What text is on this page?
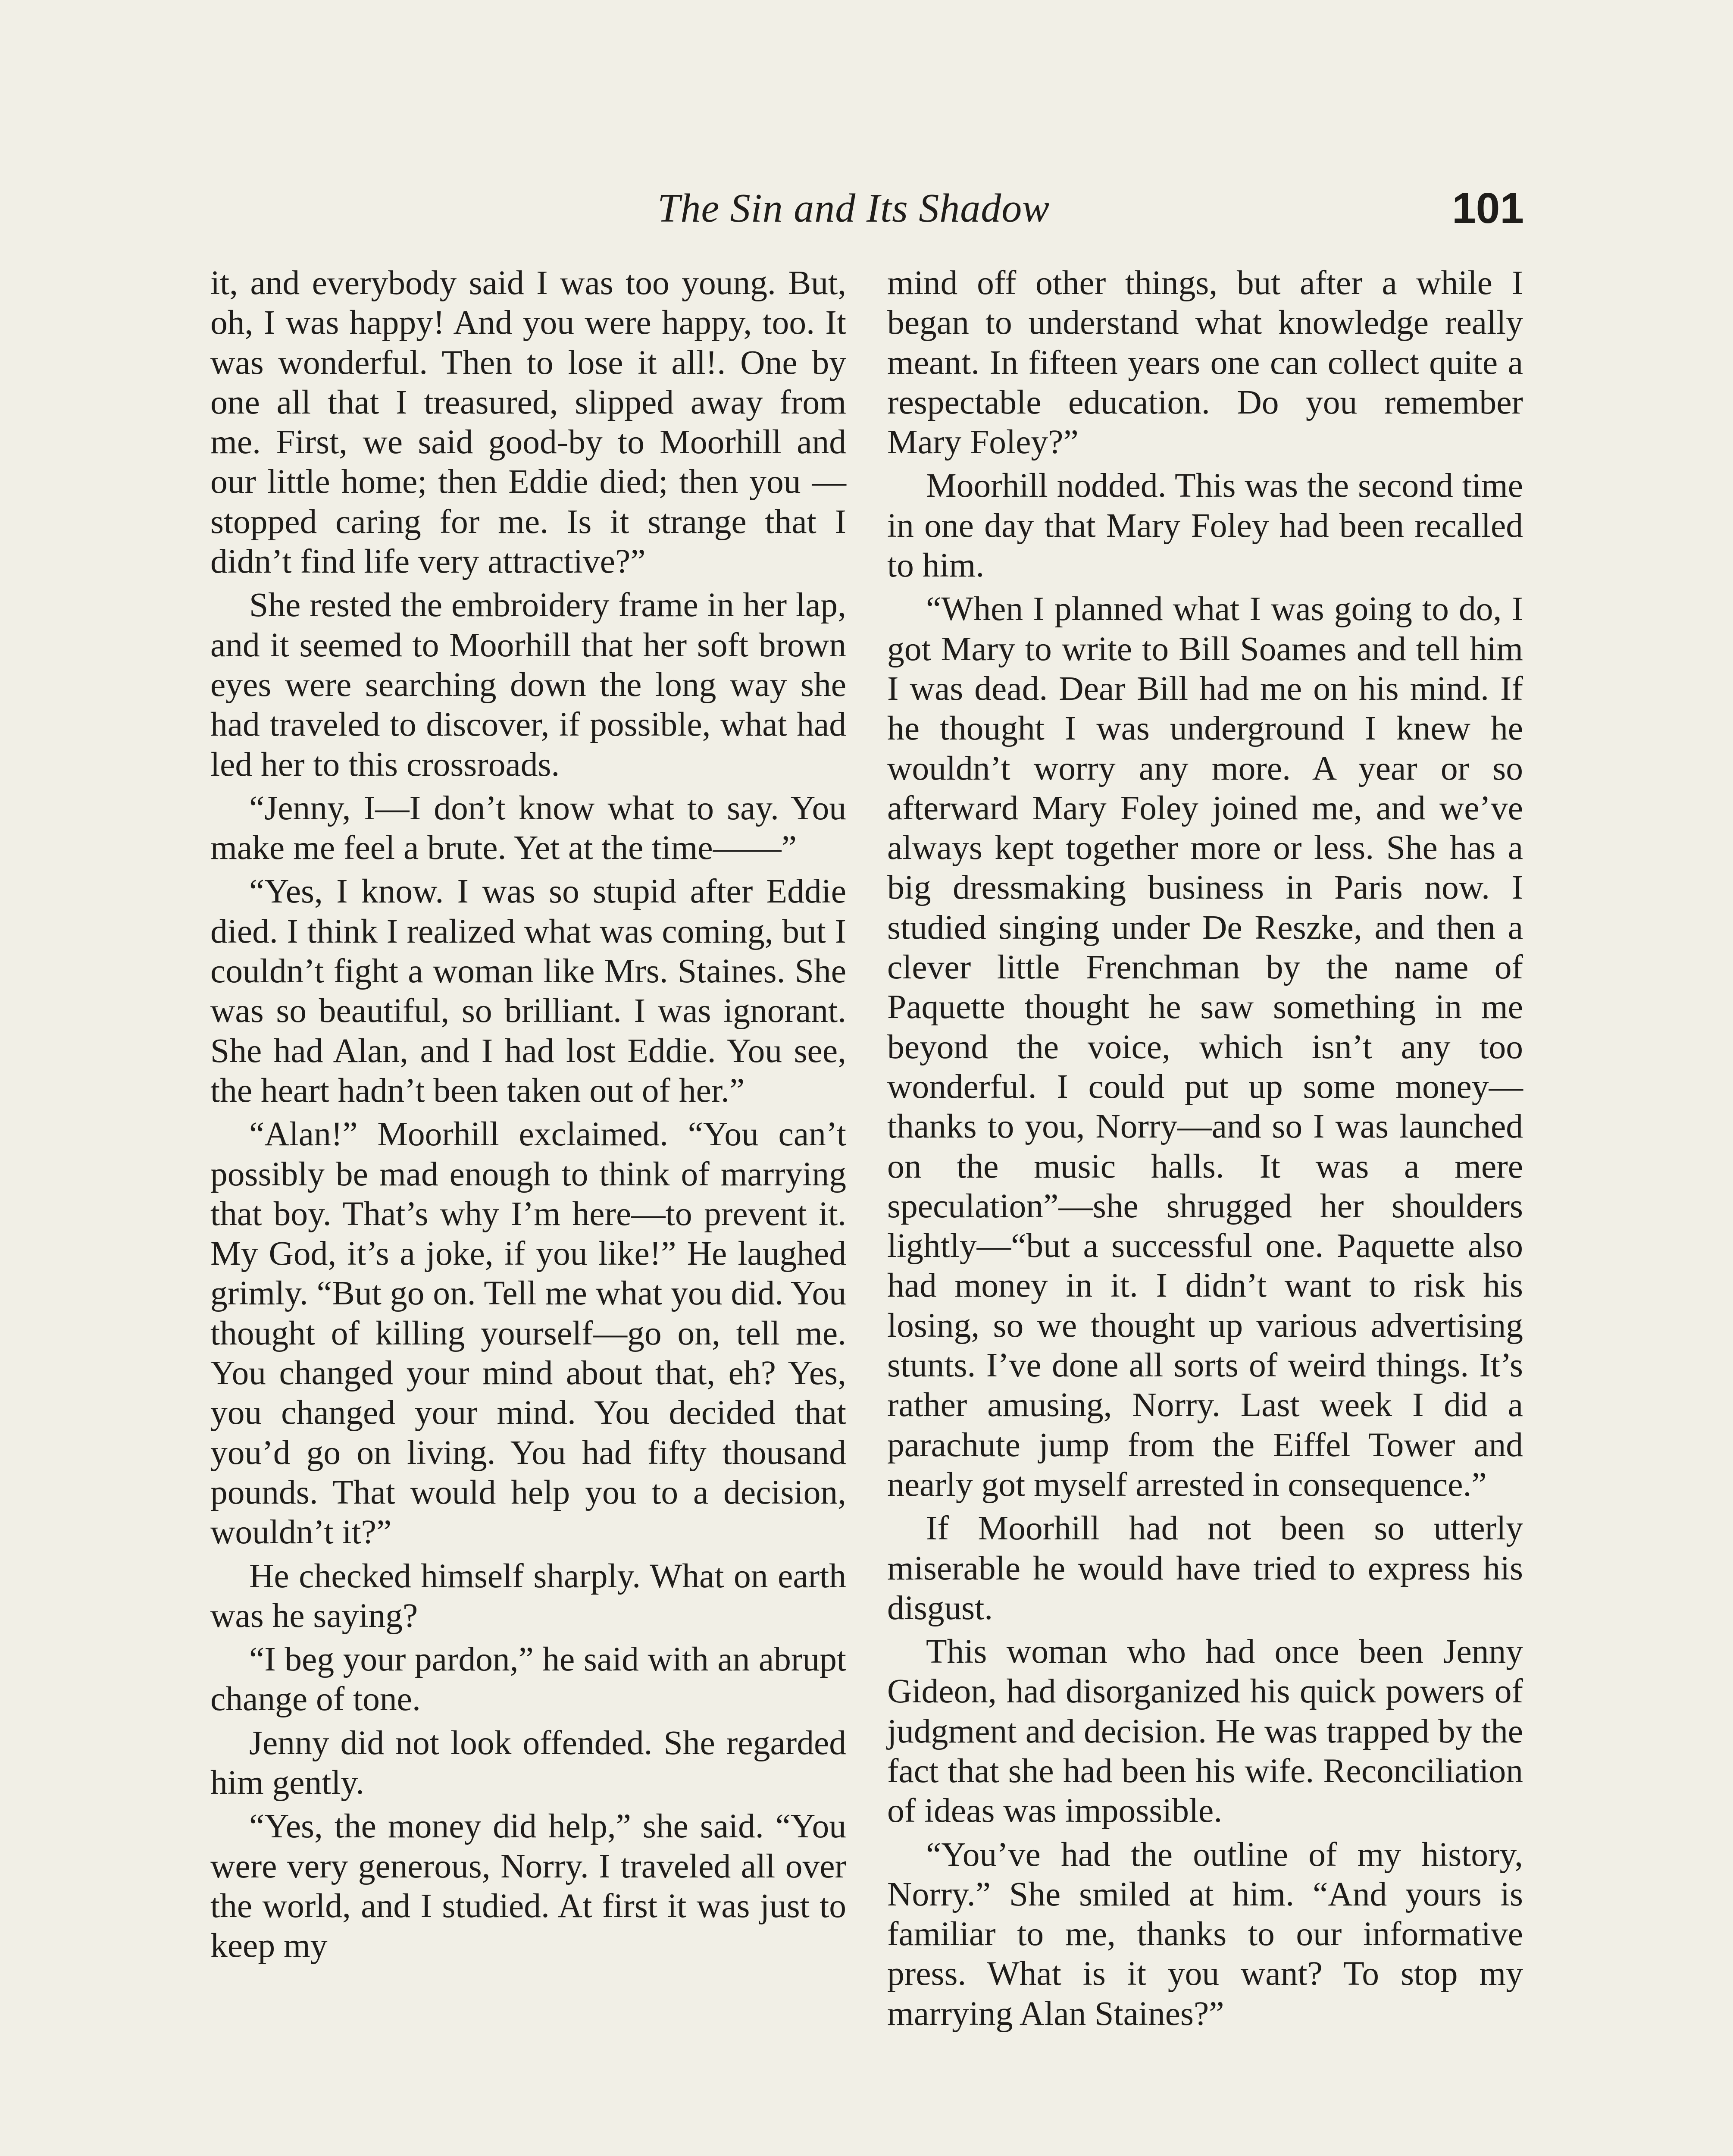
The Sin and Its Shadow	101

it, and everybody said I was too young. But, oh, I was happy! And you were happy, too. It was wonderful. Then to lose it all!. One by one all that I treasured, slipped away from me. First, we said good-by to Moorhill and our little home; then Eddie died; then you —stopped caring for me. Is it strange that I didn’t find life very attractive?”

She rested the embroidery frame in her lap, and it seemed to Moorhill that her soft brown eyes were searching down the long way she had traveled to discover, if possible, what had led her to this crossroads.

“Jenny, I—I don’t know what to say. You make me feel a brute. Yet at the time——”

“Yes, I know. I was so stupid after Eddie died. I think I realized what was coming, but I couldn’t fight a woman like Mrs. Staines. She was so beautiful, so brilliant. I was ignorant. She had Alan, and I had lost Eddie. You see, the heart hadn’t been taken out of her.”

“Alan!” Moorhill exclaimed. “You can’t possibly be mad enough to think of marrying that boy. That’s why I’m here—to prevent it. My God, it’s a joke, if you like!” He laughed grimly. “But go on. Tell me what you did. You thought of killing yourself—go on, tell me. You changed your mind about that, eh? Yes, you changed your mind. You decided that you’d go on living. You had fifty thousand pounds. That would help you to a decision, wouldn’t it?”

He checked himself sharply. What on earth was he saying?

“I beg your pardon,” he said with an abrupt change of tone.

Jenny did not look offended. She regarded him gently.

“Yes, the money did help,” she said. “You were very generous, Norry. I traveled all over the world, and I studied. At first it was just to keep my

mind off other things, but after a while I began to understand what knowledge really meant. In fifteen years one can collect quite a respectable education. Do you remember Mary Foley?”

Moorhill nodded. This was the second time in one day that Mary Foley had been recalled to him.

“When I planned what I was going to do, I got Mary to write to Bill Soames and tell him I was dead. Dear Bill had me on his mind. If he thought I was underground I knew he wouldn’t worry any more. A year or so afterward Mary Foley joined me, and we’ve always kept together more or less. She has a big dressmaking business in Paris now. I studied singing under De Reszke, and then a clever little Frenchman by the name of Paquette thought he saw something in me beyond the voice, which isn’t any too wonderful. I could put up some money—thanks to you, Norry—and so I was launched on the music halls. It was a mere speculation”—she shrugged her shoulders lightly—“but a successful one. Paquette also had money in it. I didn’t want to risk his losing, so we thought up various advertising stunts. I’ve done all sorts of weird things. It’s rather amusing, Norry. Last week I did a parachute jump from the Eiffel Tower and nearly got myself arrested in consequence.”

If Moorhill had not been so utterly miserable he would have tried to express his disgust.

This woman who had once been Jenny Gideon, had disorganized his quick powers of judgment and decision. He was trapped by the fact that she had been his wife. Reconciliation of ideas was impossible.

“You’ve had the outline of my history, Norry.” She smiled at him. “And yours is familiar to me, thanks to our informative press. What is it you want? To stop my marrying Alan Staines?”
